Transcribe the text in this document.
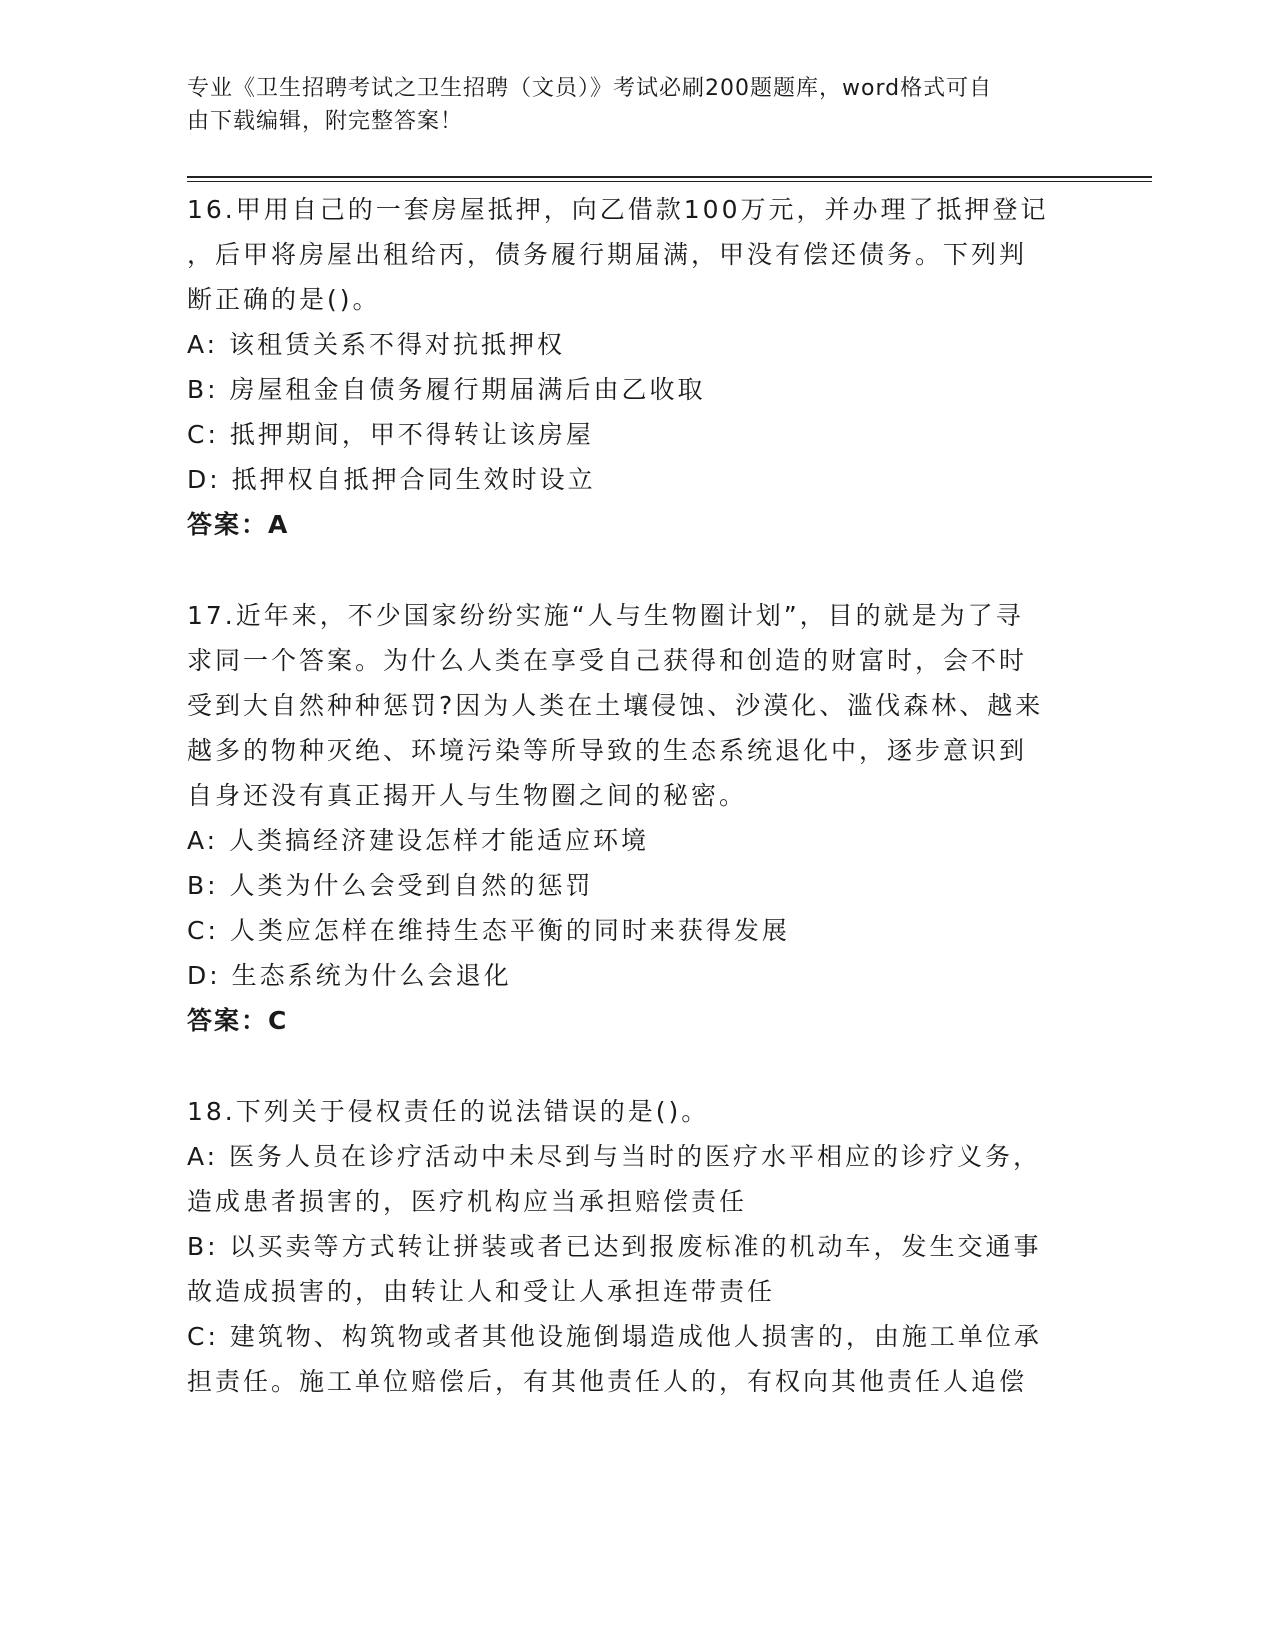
专业《卫生招聘考试之卫生招聘（文员）》考试必刷200题题库，word格式可自
由下载编辑，附完整答案！
16.甲用自己的一套房屋抵押，向乙借款100万元，并办理了抵押登记
，后甲将房屋出租给丙，债务履行期届满，甲没有偿还债务。下列判
断正确的是()。
A: 该租赁关系不得对抗抵押权
B: 房屋租金自债务履行期届满后由乙收取
C: 抵押期间，甲不得转让该房屋
D: 抵押权自抵押合同生效时设立
答案：A
17.近年来，不少国家纷纷实施“人与生物圈计划”，目的就是为了寻
求同一个答案。为什么人类在享受自己获得和创造的财富时，会不时
受到大自然种种惩罚?因为人类在土壤侵蚀、沙漠化、滥伐森林、越来
越多的物种灭绝、环境污染等所导致的生态系统退化中，逐步意识到
自身还没有真正揭开人与生物圈之间的秘密。
A: 人类搞经济建设怎样才能适应环境
B: 人类为什么会受到自然的惩罚
C: 人类应怎样在维持生态平衡的同时来获得发展
D: 生态系统为什么会退化
答案：C
18.下列关于侵权责任的说法错误的是()。
A: 医务人员在诊疗活动中未尽到与当时的医疗水平相应的诊疗义务，
造成患者损害的，医疗机构应当承担赔偿责任
B: 以买卖等方式转让拼装或者已达到报废标准的机动车，发生交通事
故造成损害的，由转让人和受让人承担连带责任
C: 建筑物、构筑物或者其他设施倒塌造成他人损害的，由施工单位承
担责任。施工单位赔偿后，有其他责任人的，有权向其他责任人追偿
